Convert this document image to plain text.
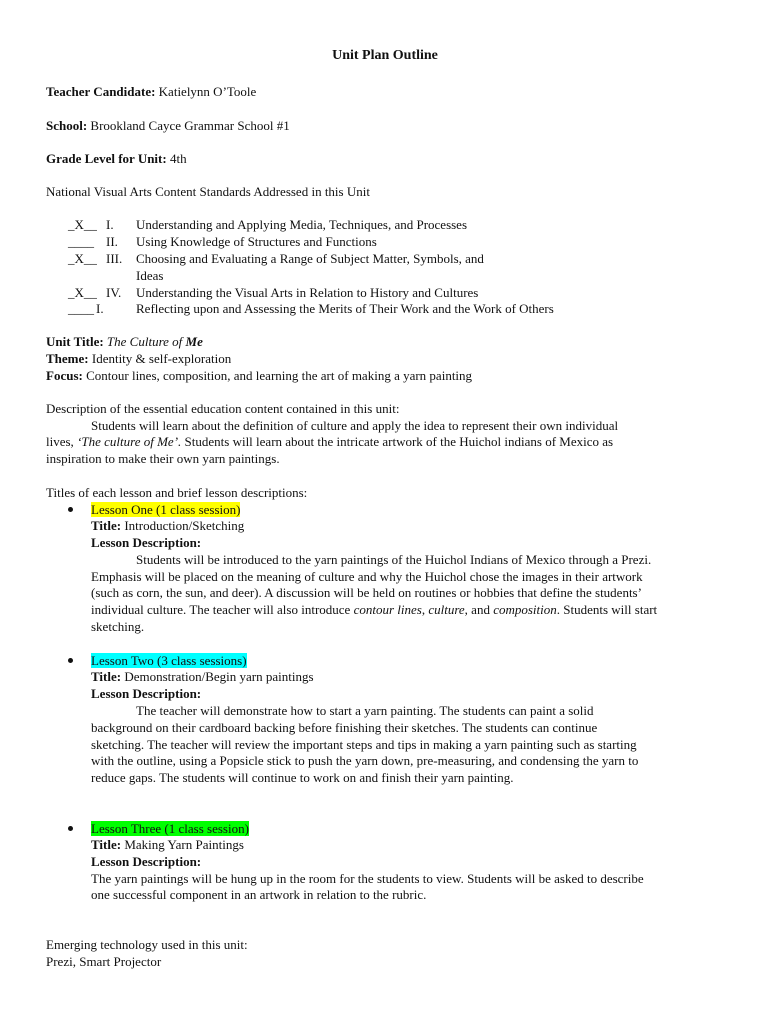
Unit Plan Outline
Teacher Candidate: Katielynn O’Toole
School: Brookland Cayce Grammar School #1
Grade Level for Unit: 4th
National Visual Arts Content Standards Addressed in this Unit
_X__ I. Understanding and Applying Media, Techniques, and Processes
____ II. Using Knowledge of Structures and Functions
_X__ III. Choosing and Evaluating a Range of Subject Matter, Symbols, and
Ideas
_X__ IV. Understanding the Visual Arts in Relation to History and Cultures
____ I. Reflecting upon and Assessing the Merits of Their Work and the Work of Others
Unit Title: The Culture of Me
Theme: Identity & self-exploration
Focus: Contour lines, composition, and learning the art of making a yarn painting
Description of the essential education content contained in this unit:
Students will learn about the definition of culture and apply the idea to represent their own individual
lives, ‘The culture of Me’. Students will learn about the intricate artwork of the Huichol indians of Mexico as
inspiration to make their own yarn paintings.
Titles of each lesson and brief lesson descriptions:
Lesson One (1 class session)
Title: Introduction/Sketching
Lesson Description:
Students will be introduced to the yarn paintings of the Huichol Indians of Mexico through a Prezi.
Emphasis will be placed on the meaning of culture and why the Huichol chose the images in their artwork
(such as corn, the sun, and deer). A discussion will be held on routines or hobbies that define the students’
individual culture. The teacher will also introduce contour lines, culture, and composition. Students will start
sketching.
Lesson Two (3 class sessions)
Title: Demonstration/Begin yarn paintings
Lesson Description:
The teacher will demonstrate how to start a yarn painting. The students can paint a solid
background on their cardboard backing before finishing their sketches. The students can continue
sketching. The teacher will review the important steps and tips in making a yarn painting such as starting
with the outline, using a Popsicle stick to push the yarn down, pre-measuring, and condensing the yarn to
reduce gaps. The students will continue to work on and finish their yarn painting.
Lesson Three (1 class session)
Title: Making Yarn Paintings
Lesson Description:
The yarn paintings will be hung up in the room for the students to view. Students will be asked to describe
one successful component in an artwork in relation to the rubric.
Emerging technology used in this unit:
Prezi, Smart Projector
